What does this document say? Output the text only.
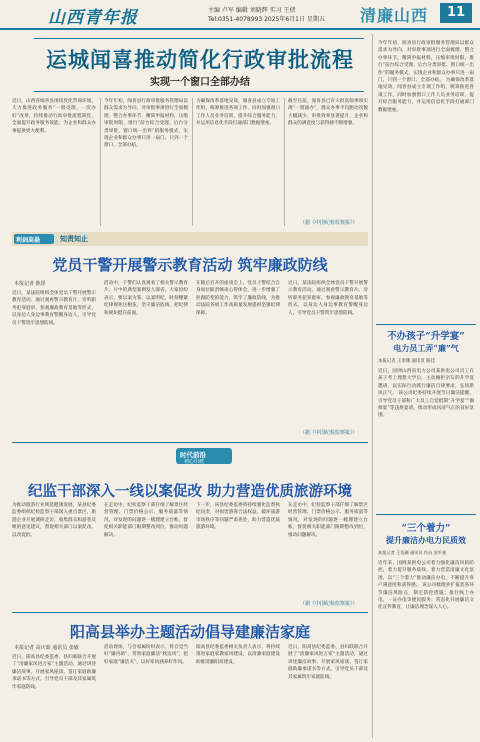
山西青年报	主编 卢军 编辑 刘晓辉 实习 王倩
Tel:0351-4078993 2025年6月1日 星期五 清廉山西	11
运城闻喜推动简化行政审批流程
实现一个窗口全部办结
近日，山西省闻喜县围绕优化营商环境，大力推进政务服务“一窗受理、一次办好”改革，持续推动行政审批流程简化，全面提升政务服务效能，为企业和群众办事提供更大便利。
今年年初，闻喜县行政审批服务管理局以群众需求为导向，对审批事项进行全面梳理，整合办事环节，精简申报材料，压缩审批时限，推行“前台综合受理、后台分类审批、窗口统一出件”的服务模式，实现企业和群众办事只进一扇门、只到一个窗口、全部办结。
为确保改革落地见效，闻喜县成立专项工作组，统筹推进各项工作，同时加强窗口工作人员业务培训，提升综合服务能力，并运用信息化手段打通部门数据壁垒。
截至目前，闻喜县已有大批高频事项实现“一窗通办”，群众办事平均跑动次数大幅减少，审批效率显著提升，企业和群众的满意度与获得感不断增强。
（据《中国纪检监察报》）
利剑高悬	知责知止
党员干警开展警示教育活动 筑牢廉政防线
本报记者 陈彤
近日，某法院组织全体党员干警开展警示教育活动。通过观看警示教育片、旁听职务犯罪庭审、参观廉政教育基地等形式，以身边人身边事教育警醒身边人，引导党员干警筑牢思想防线。
活动中，干警们认真观看了相关警示教育片，片中的典型案例发人深省。大家纷纷表示，要以案为鉴、以案明纪，时刻绷紧纪律规矩这根弦，坚守廉洁底线，把纪律和规矩挺在前面。
在随后召开的座谈会上，党员干警结合自身岗位职责畅谈心得体会，进一步增强了拒腐防变的能力，筑牢了廉政防线，为推动法院各项工作高质量发展提供坚强纪律保障。
近日，某法院组织全体党员干警开展警示教育活动。通过观看警示教育片、旁听职务犯罪庭审、参观廉政教育基地等形式，以身边人身边事教育警醒身边人，引导党员干警筑牢思想防线。
（据《中国纪检监察报》）
时代前沿
初心印痕
纪监干部深入一线以案促改 助力营造优质旅游环境
为推动旅游行业规范健康发展，某县纪委监委组织纪检监察干部深入重点景区、旅游企业开展调研走访，收集群众和游客反映的意见建议，督促相关部门以案促改、以改促治。
在走访中，纪检监察干部仔细了解景区经营管理、门票价格公示、服务质量等情况，对发现的问题逐一梳理建立台账，督促相关职能部门限期整改到位，推动问题解决。
下一步，该县纪委监委将持续强化监督执纪问责，对损害游客合法权益、破坏旅游市场秩序等问题严肃查处，助力营造优质旅游环境。
在走访中，纪检监察干部仔细了解景区经营管理、门票价格公示、服务质量等情况，对发现的问题逐一梳理建立台账，督促相关职能部门限期整改到位，推动问题解决。
（据《中国纪检监察报》）
阳高县举办主题活动倡导建廉洁家庭
本报记者 高庆茹 通讯员 张敏
近日，阳高县纪委监委、县妇联联合开展了“清廉家风进万家”主题活动，通过讲述廉洁故事、开展家风座谈、签订家庭助廉承诺书等方式，引导党员干部及其家属筑牢家庭防线。
活动现场，与会家属纷纷表示，将自觉当好“廉内助”，常吹家庭廉洁“枕边风”，把好家庭“廉洁关”，以好家风涵养好作风。
阳高县纪委监委相关负责人表示，将持续推进家庭家教家风建设，以清廉家庭建设助推清廉阳高建设。
近日，阳高县纪委监委、县妇联联合开展了“清廉家风进万家”主题活动，通过讲述廉洁故事、开展家风座谈、签订家庭助廉承诺书等方式，引导党员干部及其家属筑牢家庭防线。
今年年初，闻喜县行政审批服务管理局以群众需求为导向，对审批事项进行全面梳理，整合办事环节，精简申报材料，压缩审批时限，推行“前台综合受理、后台分类审批、窗口统一出件”的服务模式，实现企业和群众办事只进一扇门、只到一个窗口、全部办结。 为确保改革落地见效，闻喜县成立专项工作组，统筹推进各项工作，同时加强窗口工作人员业务培训，提升综合服务能力，并运用信息化手段打通部门数据壁垒。
不办孩子“升学宴”
电力员工弄“廉”气
本报记者 王语珊 通讯员 路佳
近日，国网山西省电力公司某供电公司员工在孩子考上理想大学后，主动婉拒亲友的升学宴邀请，以实际行动践行廉洁自律要求，弘扬新风正气。 该公司纪委持续开展节日廉洁提醒，引导党员干部和广大员工自觉抵制“升学宴”“谢师宴”等违规宴请，推动形成风清气正的良好氛围。
“三个着力”
提升廉洁办电力民质效
本报记者 王语珊 通讯员 符昌 安军斐
近年来，国网某供电公司着力强化廉洁风险防控、着力提升服务质效、着力营造清廉文化氛围，以“三个着力”推动廉洁办电，不断提升客户满意度和获得感。 该公司梳理业扩报装各环节廉洁风险点，制定防控措施；推行线上办电、一证办电等便民服务；常态化开展廉洁文化宣传教育，让廉洁理念深入人心。
